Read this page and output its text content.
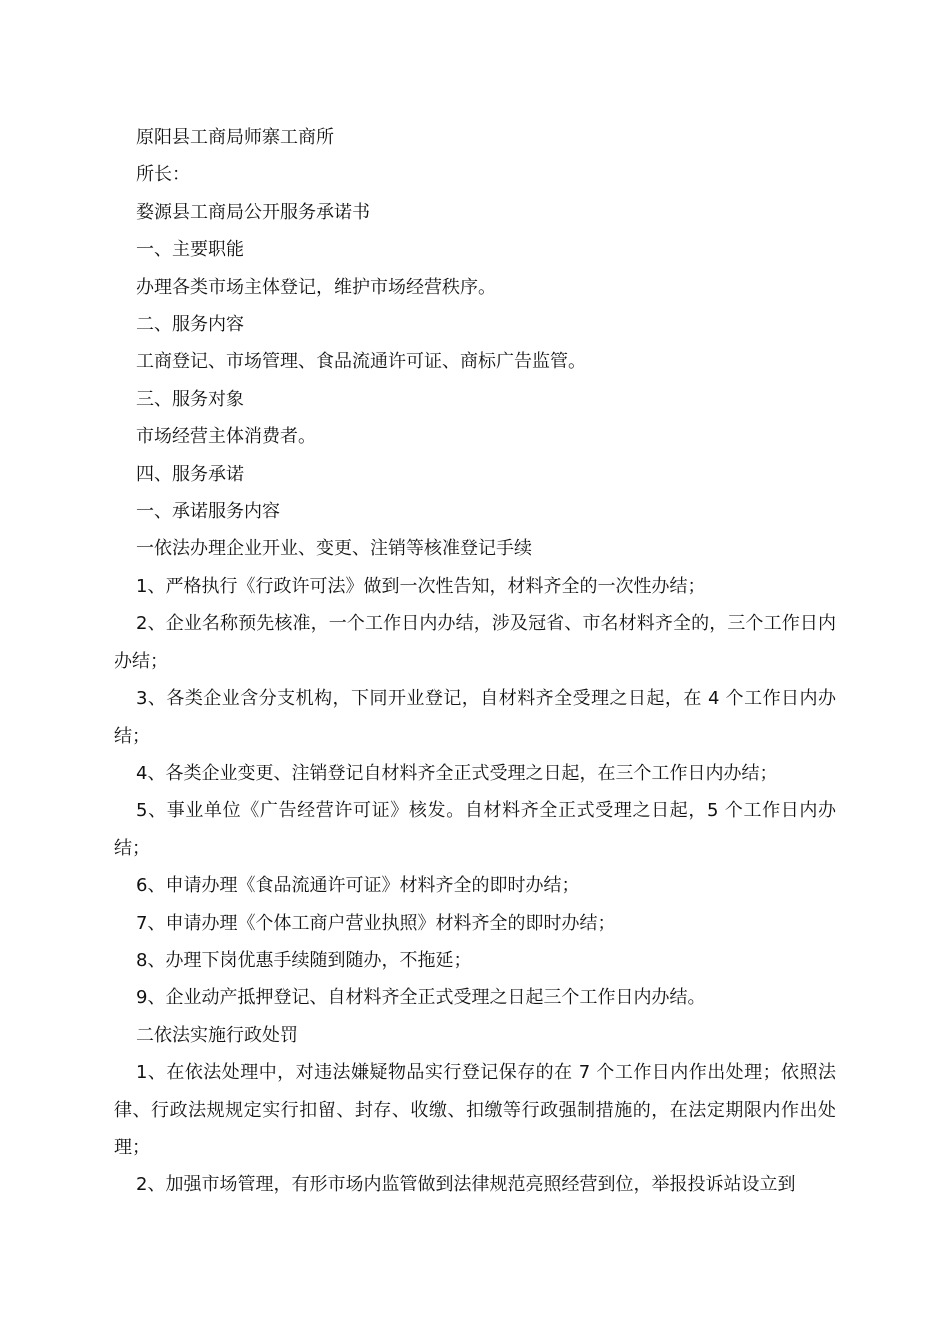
原阳县工商局师寨工商所

所长：

婺源县工商局公开服务承诺书

一、主要职能

办理各类市场主体登记，维护市场经营秩序。

二、服务内容

工商登记、市场管理、食品流通许可证、商标广告监管。

三、服务对象

市场经营主体消费者。

四、服务承诺

一、承诺服务内容

一依法办理企业开业、变更、注销等核准登记手续

1、严格执行《行政许可法》做到一次性告知，材料齐全的一次性办结；

2、企业名称预先核准，一个工作日内办结，涉及冠省、市名材料齐全的，三个工作日内办结；

3、各类企业含分支机构，下同开业登记，自材料齐全受理之日起，在 4 个工作日内办结；

4、各类企业变更、注销登记自材料齐全正式受理之日起，在三个工作日内办结；

5、事业单位《广告经营许可证》核发。自材料齐全正式受理之日起，5 个工作日内办结；

6、申请办理《食品流通许可证》材料齐全的即时办结；

7、申请办理《个体工商户营业执照》材料齐全的即时办结；

8、办理下岗优惠手续随到随办，不拖延；

9、企业动产抵押登记、自材料齐全正式受理之日起三个工作日内办结。

二依法实施行政处罚

1、在依法处理中，对违法嫌疑物品实行登记保存的在 7 个工作日内作出处理；依照法律、行政法规规定实行扣留、封存、收缴、扣缴等行政强制措施的，在法定期限内作出处理；

2、加强市场管理，有形市场内监管做到法律规范亮照经营到位，举报投诉站设立到
